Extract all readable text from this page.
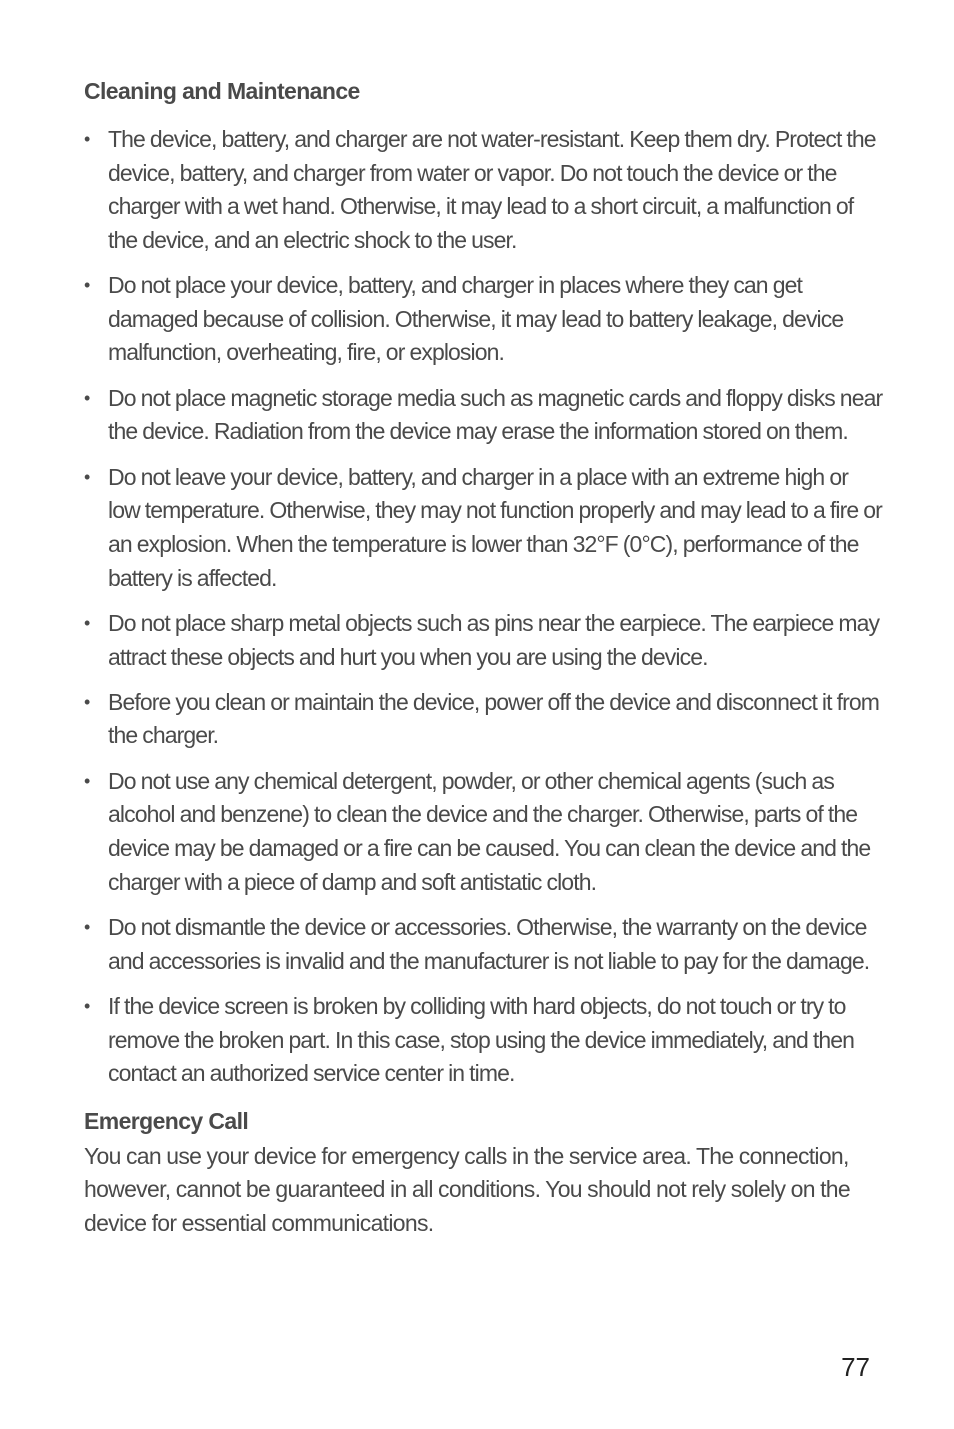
Cleaning and Maintenance
• The device, battery, and charger are not water-resistant. Keep them dry. Protect the device, battery, and charger from water or vapor. Do not touch the device or the charger with a wet hand. Otherwise, it may lead to a short circuit, a malfunction of the device, and an electric shock to the user.
• Do not place your device, battery, and charger in places where they can get damaged because of collision. Otherwise, it may lead to battery leakage, device malfunction, overheating, fire, or explosion.
• Do not place magnetic storage media such as magnetic cards and floppy disks near the device. Radiation from the device may erase the information stored on them.
• Do not leave your device, battery, and charger in a place with an extreme high or low temperature. Otherwise, they may not function properly and may lead to a fire or an explosion. When the temperature is lower than 32°F (0°C), performance of the battery is affected.
• Do not place sharp metal objects such as pins near the earpiece. The earpiece may attract these objects and hurt you when you are using the device.
• Before you clean or maintain the device, power off the device and disconnect it from the charger.
• Do not use any chemical detergent, powder, or other chemical agents (such as alcohol and benzene) to clean the device and the charger. Otherwise, parts of the device may be damaged or a fire can be caused. You can clean the device and the charger with a piece of damp and soft antistatic cloth.
• Do not dismantle the device or accessories. Otherwise, the warranty on the device and accessories is invalid and the manufacturer is not liable to pay for the damage.
• If the device screen is broken by colliding with hard objects, do not touch or try to remove the broken part. In this case, stop using the device immediately, and then contact an authorized service center in time.
Emergency Call

You can use your device for emergency calls in the service area. The connection, however, cannot be guaranteed in all conditions. You should not rely solely on the device for essential communications.

77
